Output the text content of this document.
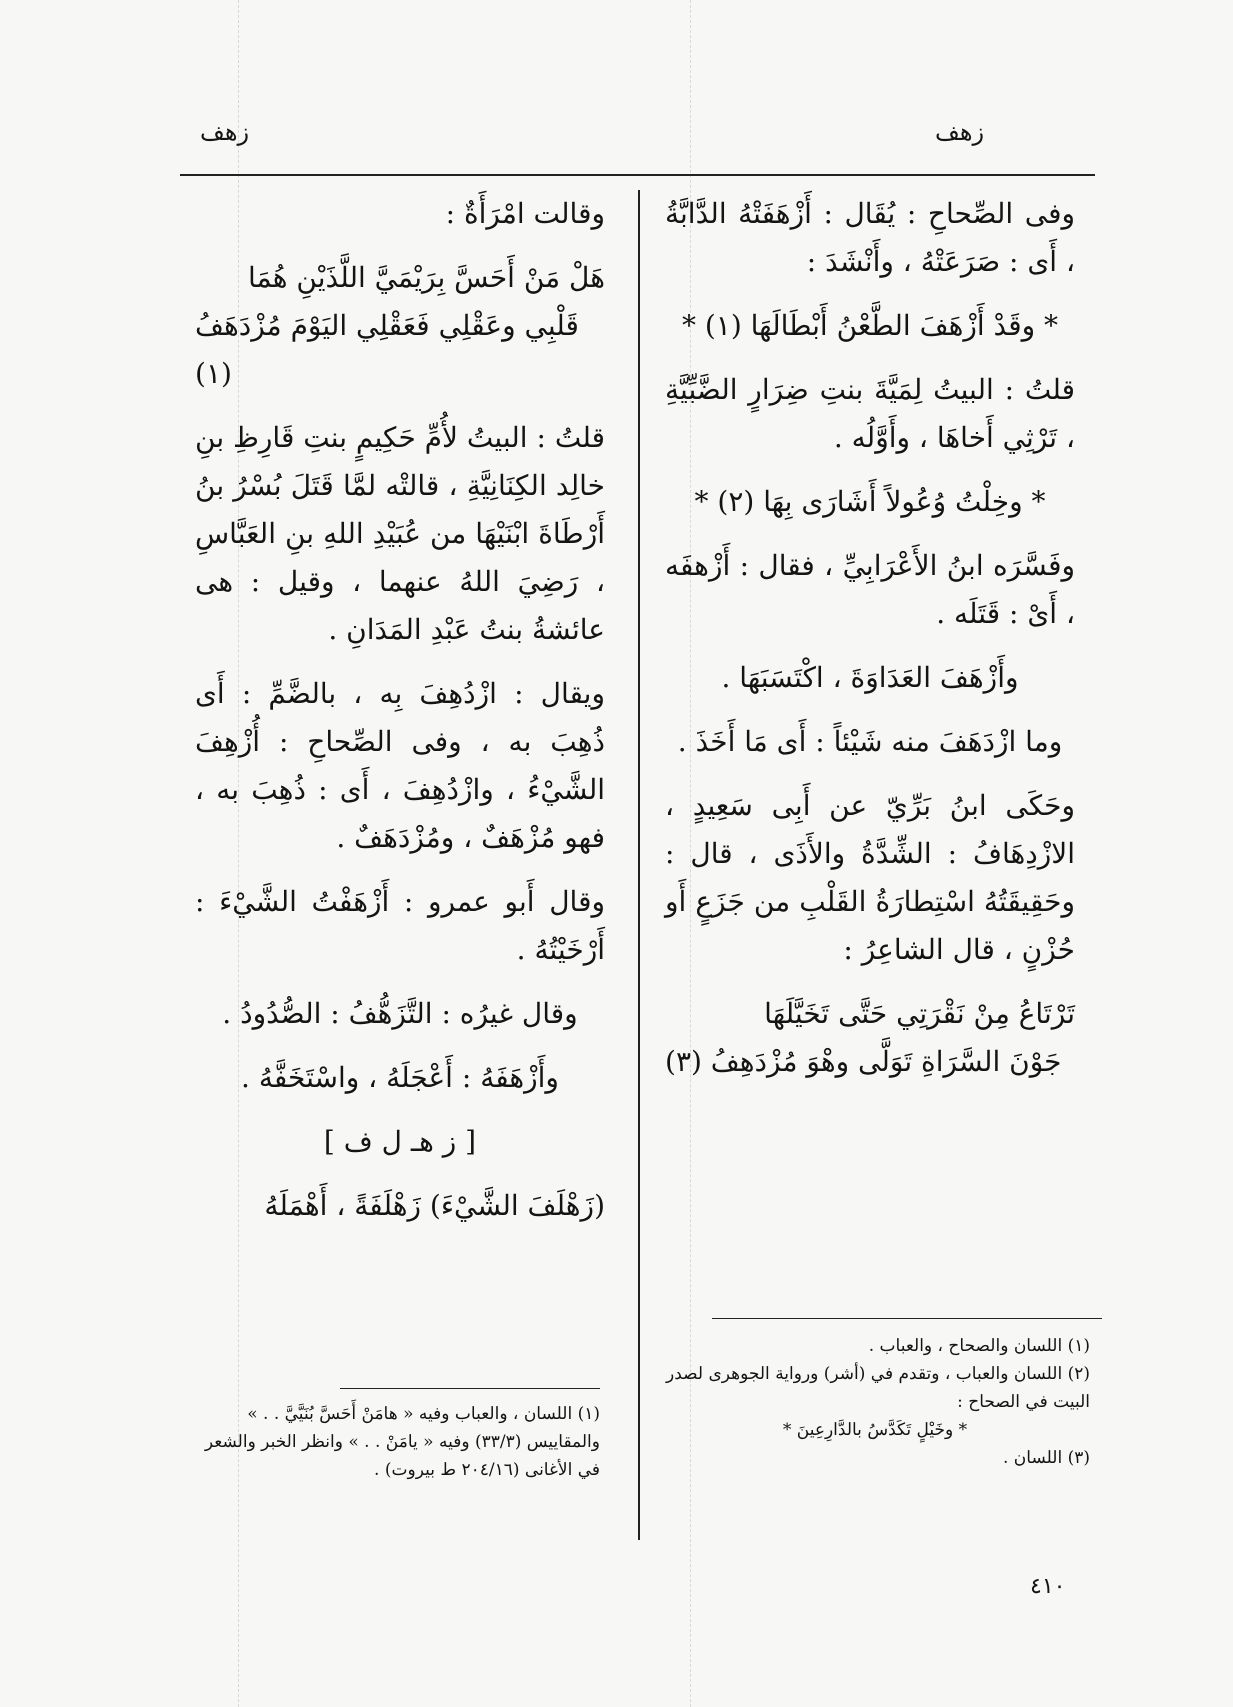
زهف	زهف

وفى الصِّحاحِ : يُقَال : أَزْهَفَتْهُ الدَّابَّةُ ، أَى : صَرَعَتْهُ ، وأَنْشَدَ :

* وقَدْ أَزْهَفَ الطَّعْنُ أَبْطَالَهَا (١) *

قلتُ : البيتُ لِمَيَّةَ بنتِ ضِرَارٍ الضَّبِّيَّةِ ، تَرْثِي أَخاهَا ، وأَوَّلُه .

* وخِلْتُ وُعُولاً أَشَارَى بِهَا (٢) *

وفَسَّرَه ابنُ الأَعْرَابِيِّ ، فقال : أَزْهفَه ، أَىْ : قَتَلَه .

وأَزْهَفَ العَدَاوَةَ ، اكْتَسَبَهَا .

وما ازْدَهَفَ منه شَيْئاً : أَى مَا أَخَذَ .

وحَكَى ابنُ بَرِّيّ عن أَبِى سَعِيدٍ ، الازْدِهَافُ : الشِّدَّةُ والأَذَى ، قال : وحَقِيقَتُهُ اسْتِطارَةُ القَلْبِ من جَزَعٍ أَو حُزْنٍ ، قال الشاعِرُ :

تَرْتَاعُ مِنْ نَقْرَتِي حَتَّى تَخَيَّلَهَا
جَوْنَ السَّرَاةِ تَوَلَّى وهْوَ مُزْدَهِفُ (٣)

(١) اللسان والصحاح ، والعباب .

(٢) اللسان والعباب ، وتقدم في (أشر) ورواية الجوهرى لصدر البيت في الصحاح :

* وخَيْلٍ تَكَدَّسُ بالدَّارِعِينَ *

(٣) اللسان .

وقالت امْرَأَةٌ :

هَلْ مَنْ أَحَسَّ بِرَيْمَيَّ اللَّذَيْنِ هُمَا
قَلْبِي وعَقْلِي فَعَقْلِي اليَوْمَ مُزْدَهَفُ (١)

قلتُ : البيتُ لأُمِّ حَكِيمٍ بنتِ قَارِظِ بنِ خالِد الكِنَانِيَّةِ ، قالتْه لمَّا قَتَلَ بُسْرُ بنُ أَرْطَاةَ ابْنَيْهَا من عُبَيْدِ اللهِ بنِ العَبَّاسِ ، رَضِيَ اللهُ عنهما ، وقيل : هى عائشةُ بنتُ عَبْدِ المَدَانِ .

ويقال : ازْدُهِفَ بِه ، بالضَّمِّ : أَى ذُهِبَ به ، وفى الصِّحاحِ : أُزْهِفَ الشَّيْءُ ، وازْدُهِفَ ، أَى : ذُهِبَ به ، فهو مُزْهَفٌ ، ومُزْدَهَفٌ .

وقال أَبو عمرو : أَزْهَفْتُ الشَّيْءَ : أَرْخَيْتُهُ .

وقال غيرُه : التَّزَهُّفُ : الصُّدُودُ .

وأَزْهَفَهُ : أَعْجَلَهُ ، واسْتَخَفَّهُ .

[ ز هـ ل ف ]

(زَهْلَفَ الشَّيْءَ) زَهْلَفَةً ، أَهْمَلَهُ

(١) اللسان ، والعباب وفيه « هامَنْ أَحَسَّ بُنَيَّيَّ . . » والمقاييس (٣٣/٣) وفيه « يامَنْ . . » وانظر الخبر والشعر في الأغانى (٢٠٤/١٦ ط بيروت) .

٤١٠
